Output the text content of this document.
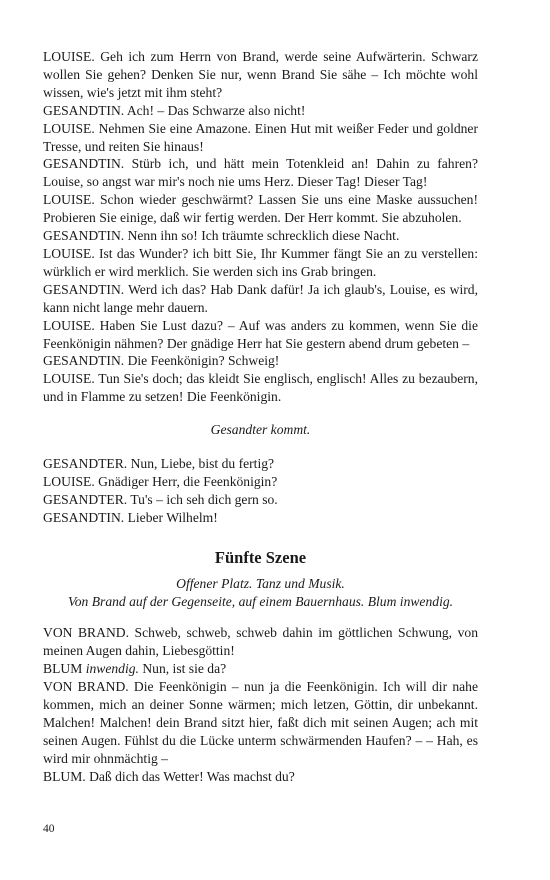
LOUISE. Geh ich zum Herrn von Brand, werde seine Aufwärterin. Schwarz wollen Sie gehen? Denken Sie nur, wenn Brand Sie sähe – Ich möchte wohl wissen, wie's jetzt mit ihm steht?

GESANDTIN. Ach! – Das Schwarze also nicht!

LOUISE. Nehmen Sie eine Amazone. Einen Hut mit weißer Feder und goldner Tresse, und reiten Sie hinaus!

GESANDTIN. Stürb ich, und hätt mein Totenkleid an! Dahin zu fahren? Louise, so angst war mir's noch nie ums Herz. Dieser Tag! Dieser Tag!

LOUISE. Schon wieder geschwärmt? Lassen Sie uns eine Maske aussuchen! Probieren Sie einige, daß wir fertig werden. Der Herr kommt. Sie abzuholen.

GESANDTIN. Nenn ihn so! Ich träumte schrecklich diese Nacht.

LOUISE. Ist das Wunder? ich bitt Sie, Ihr Kummer fängt Sie an zu verstellen: würklich er wird merklich. Sie werden sich ins Grab bringen.

GESANDTIN. Werd ich das? Hab Dank dafür! Ja ich glaub's, Louise, es wird, kann nicht lange mehr dauern.

LOUISE. Haben Sie Lust dazu? – Auf was anders zu kommen, wenn Sie die Feenkönigin nähmen? Der gnädige Herr hat Sie gestern abend drum gebeten –

GESANDTIN. Die Feenkönigin? Schweig!

LOUISE. Tun Sie's doch; das kleidt Sie englisch, englisch! Alles zu bezaubern, und in Flamme zu setzen! Die Feenkönigin.

Gesandter kommt.

GESANDTER. Nun, Liebe, bist du fertig?

LOUISE. Gnädiger Herr, die Feenkönigin?

GESANDTER. Tu's – ich seh dich gern so.

GESANDTIN. Lieber Wilhelm!

Fünfte Szene
Offener Platz. Tanz und Musik.
Von Brand auf der Gegenseite, auf einem Bauernhaus. Blum inwendig.

VON BRAND. Schweb, schweb, schweb dahin im göttlichen Schwung, von meinen Augen dahin, Liebesgöttin!

BLUM inwendig. Nun, ist sie da?

VON BRAND. Die Feenkönigin – nun ja die Feenkönigin. Ich will dir nahe kommen, mich an deiner Sonne wärmen; mich letzen, Göttin, dir unbekannt. Malchen! Malchen! dein Brand sitzt hier, faßt dich mit seinen Augen; ach mit seinen Augen. Fühlst du die Lücke unterm schwärmenden Haufen? – – Hah, es wird mir ohnmächtig –

BLUM. Daß dich das Wetter! Was machst du?

40
